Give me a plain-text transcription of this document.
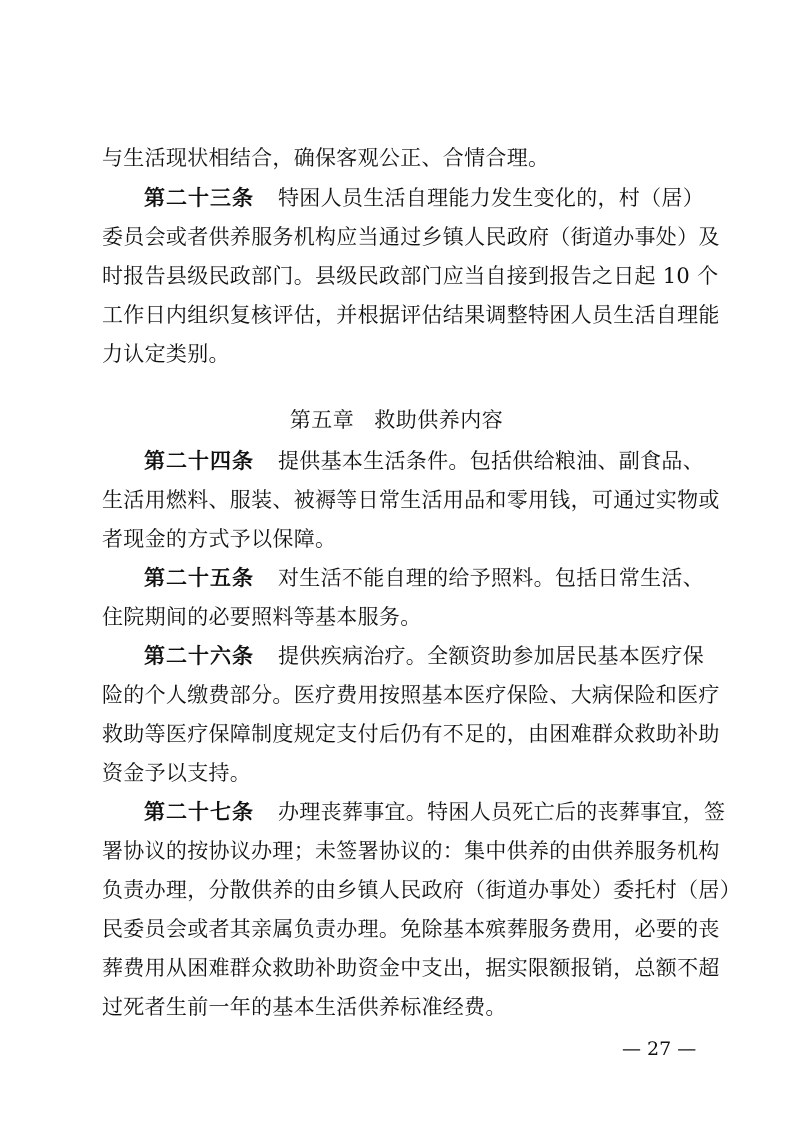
与生活现状相结合，确保客观公正、合情合理。
第二十三条 特困人员生活自理能力发生变化的，村（居）
委员会或者供养服务机构应当通过乡镇人民政府（街道办事处）及
时报告县级民政部门。县级民政部门应当自接到报告之日起 10 个
工作日内组织复核评估，并根据评估结果调整特困人员生活自理能
力认定类别。
第五章 救助供养内容
第二十四条 提供基本生活条件。包括供给粮油、副食品、
生活用燃料、服装、被褥等日常生活用品和零用钱，可通过实物或
者现金的方式予以保障。
第二十五条 对生活不能自理的给予照料。包括日常生活、
住院期间的必要照料等基本服务。
第二十六条 提供疾病治疗。全额资助参加居民基本医疗保
险的个人缴费部分。医疗费用按照基本医疗保险、大病保险和医疗
救助等医疗保障制度规定支付后仍有不足的，由困难群众救助补助
资金予以支持。
第二十七条 办理丧葬事宜。特困人员死亡后的丧葬事宜，签
署协议的按协议办理；未签署协议的：集中供养的由供养服务机构
负责办理，分散供养的由乡镇人民政府（街道办事处）委托村（居）
民委员会或者其亲属负责办理。免除基本殡葬服务费用，必要的丧
葬费用从困难群众救助补助资金中支出，据实限额报销，总额不超
过死者生前一年的基本生活供养标准经费。
— 27 —
